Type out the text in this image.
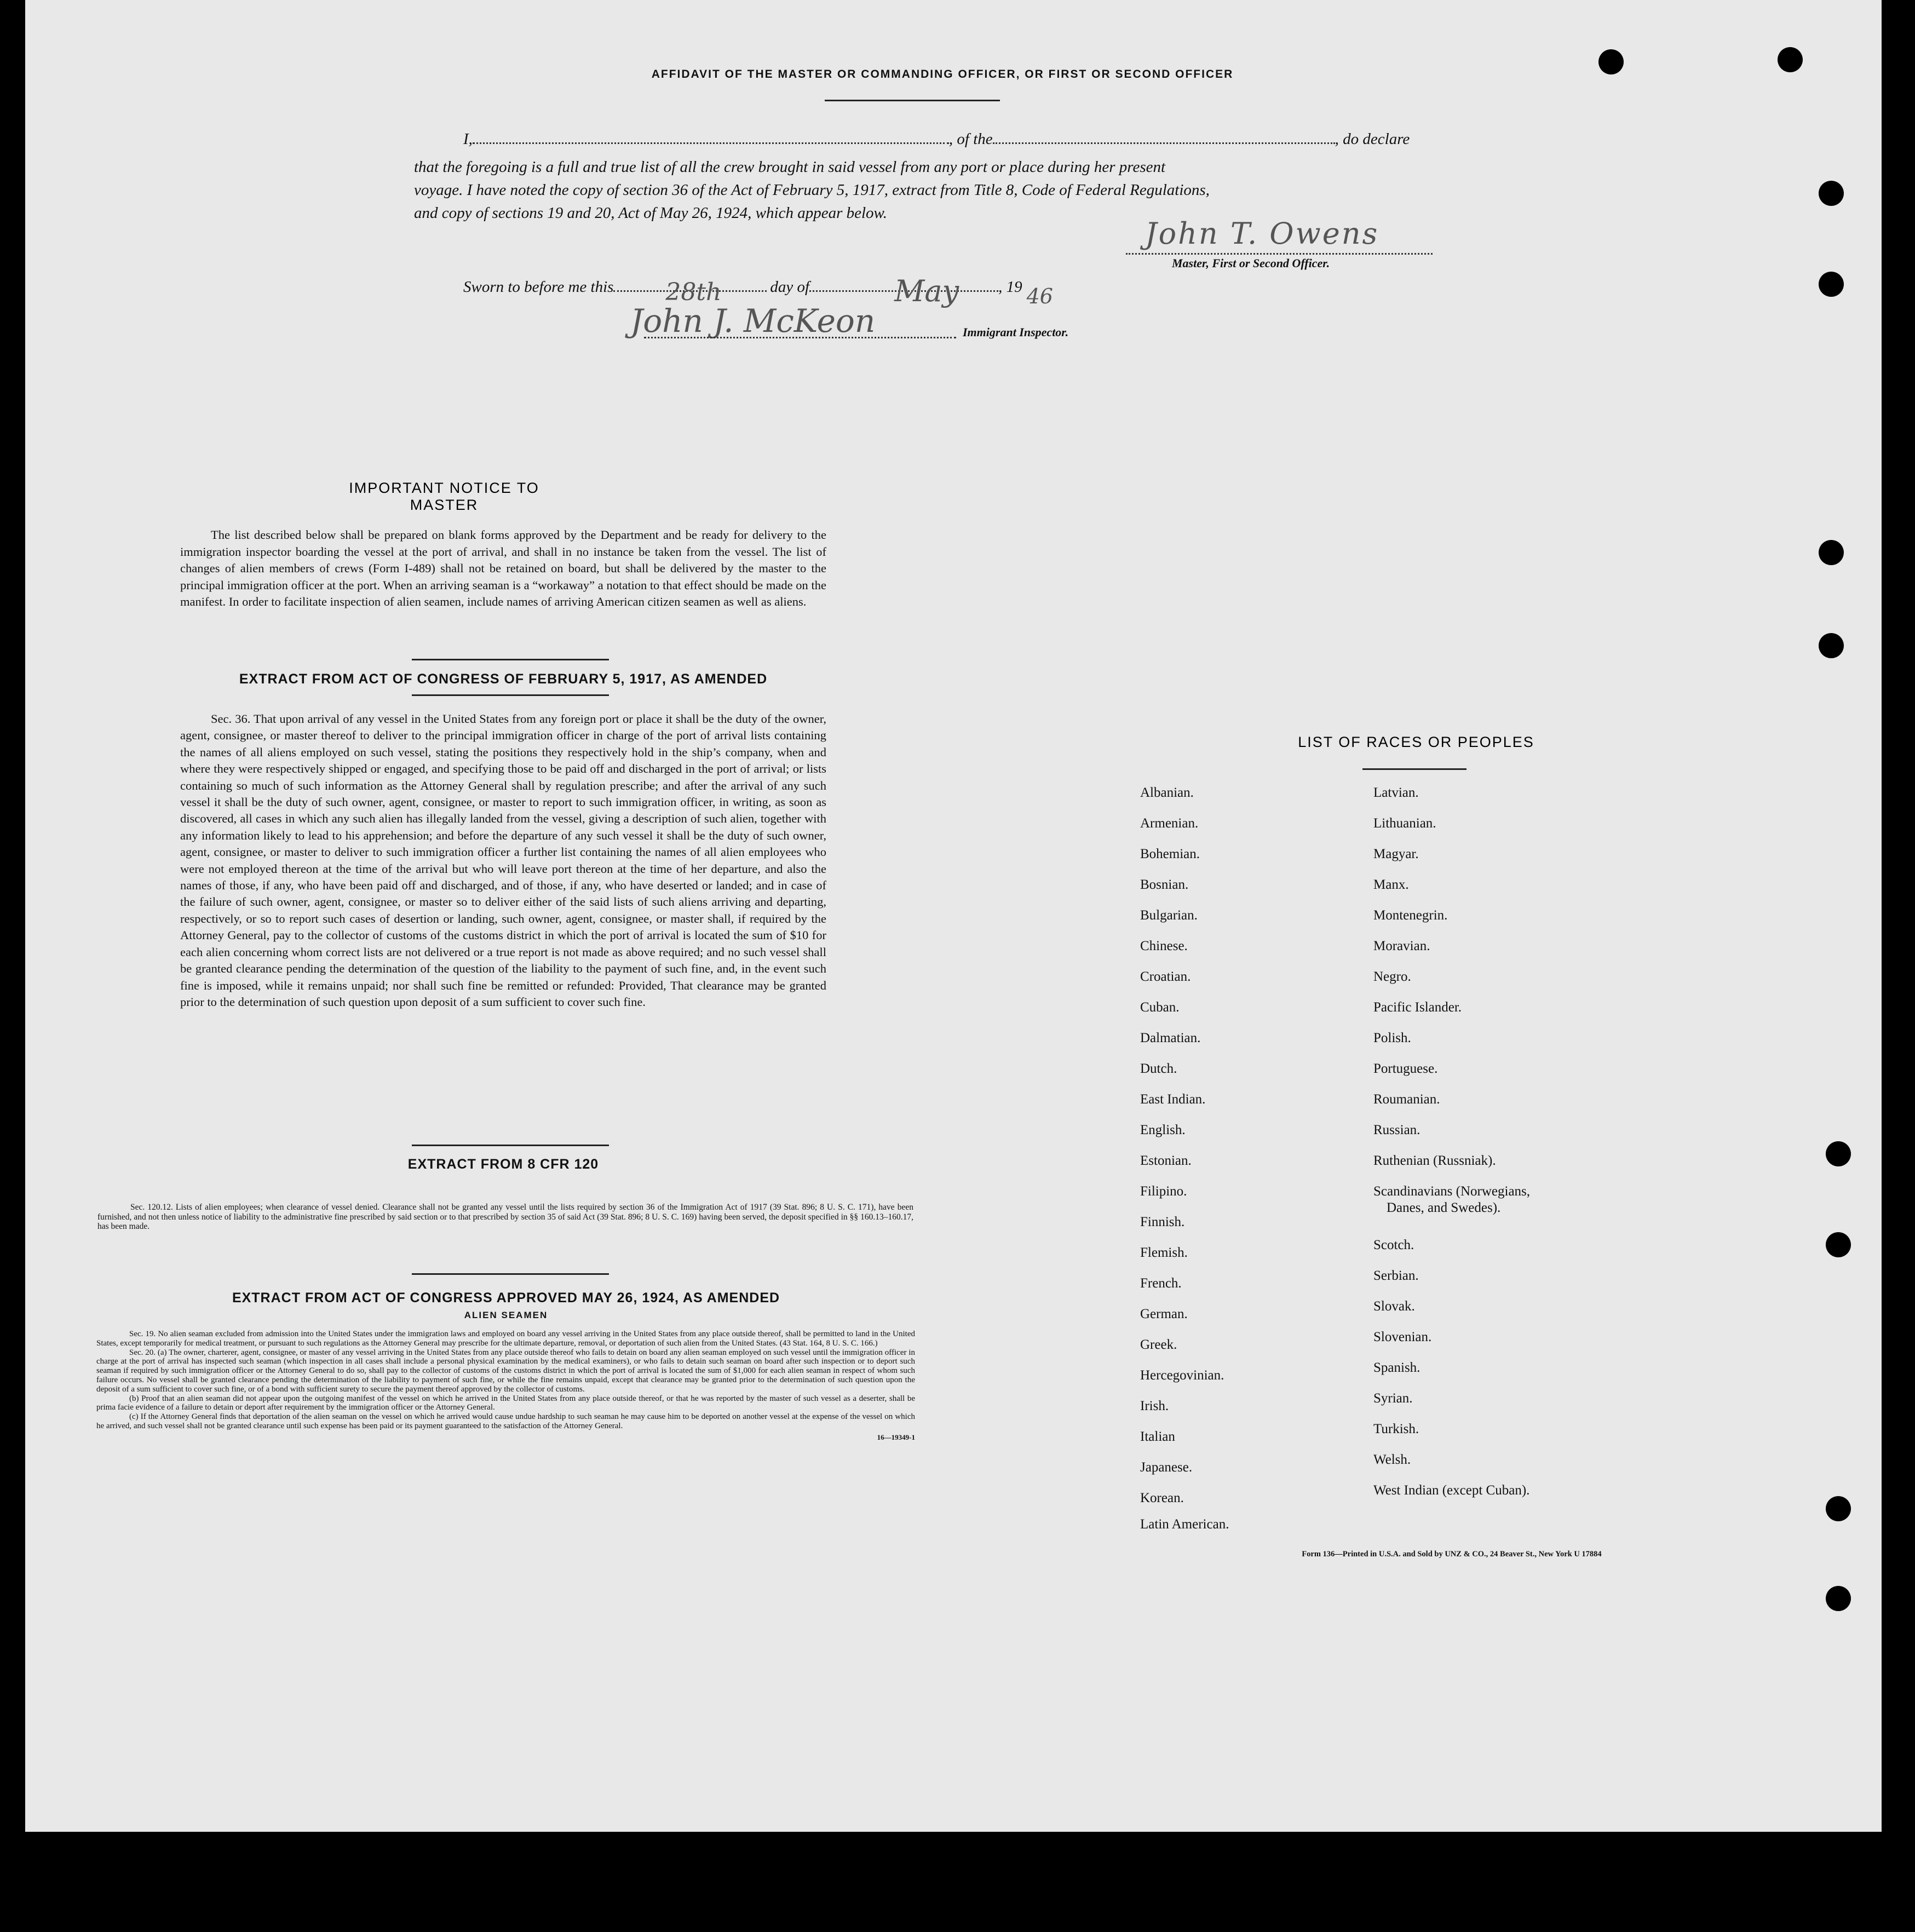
AFFIDAVIT OF THE MASTER OR COMMANDING OFFICER, OR FIRST OR SECOND OFFICER
I,	, of the	, do declare
that the foregoing is a full and true list of all the crew brought in said vessel from any port or place during her present
voyage. I have noted the copy of section 36 of the Act of February 5, 1917, extract from Title 8, Code of Federal Regulations,
and copy of sections 19 and 20, Act of May 26, 1924, which appear below.
John T. Owens
Master, First or Second Officer.
Sworn to before me this 28th	day of	May , 19 46
John J. McKeon	Immigrant Inspector.
IMPORTANT NOTICE TO MASTER
The list described below shall be prepared on blank forms approved by the Department and be ready for delivery to the immigration inspector boarding the vessel at the port of arrival, and shall in no instance be taken from the vessel. The list of changes of alien members of crews (Form I-489) shall not be retained on board, but shall be delivered by the master to the principal immigration officer at the port. When an arriving seaman is a “workaway” a notation to that effect should be made on the manifest. In order to facilitate inspection of alien seamen, include names of arriving American citizen seamen as well as aliens.
EXTRACT FROM ACT OF CONGRESS OF FEBRUARY 5, 1917, AS AMENDED
Sec. 36. That upon arrival of any vessel in the United States from any foreign port or place it shall be the duty of the owner, agent, consignee, or master thereof to deliver to the principal immigration officer in charge of the port of arrival lists containing the names of all aliens employed on such vessel, stating the positions they respectively hold in the ship’s company, when and where they were respectively shipped or engaged, and specifying those to be paid off and discharged in the port of arrival; or lists containing so much of such information as the Attorney General shall by regulation prescribe; and after the arrival of any such vessel it shall be the duty of such owner, agent, consignee, or master to report to such immigration officer, in writing, as soon as discovered, all cases in which any such alien has illegally landed from the vessel, giving a description of such alien, together with any information likely to lead to his apprehension; and before the departure of any such vessel it shall be the duty of such owner, agent, consignee, or master to deliver to such immigration officer a further list containing the names of all alien employees who were not employed thereon at the time of the arrival but who will leave port thereon at the time of her departure, and also the names of those, if any, who have been paid off and discharged, and of those, if any, who have deserted or landed; and in case of the failure of such owner, agent, consignee, or master so to deliver either of the said lists of such aliens arriving and departing, respectively, or so to report such cases of desertion or landing, such owner, agent, consignee, or master shall, if required by the Attorney General, pay to the collector of customs of the customs district in which the port of arrival is located the sum of $10 for each alien concerning whom correct lists are not delivered or a true report is not made as above required; and no such vessel shall be granted clearance pending the determination of the question of the liability to the payment of such fine, and, in the event such fine is imposed, while it remains unpaid; nor shall such fine be remitted or refunded: Provided, That clearance may be granted prior to the determination of such question upon deposit of a sum sufficient to cover such fine.
EXTRACT FROM 8 CFR 120
Sec. 120.12. Lists of alien employees; when clearance of vessel denied. Clearance shall not be granted any vessel until the lists required by section 36 of the Immigration Act of 1917 (39 Stat. 896; 8 U. S. C. 171), have been furnished, and not then unless notice of liability to the administrative fine prescribed by said section or to that prescribed by section 35 of said Act (39 Stat. 896; 8 U. S. C. 169) having been served, the deposit specified in §§ 160.13–160.17, has been made.
EXTRACT FROM ACT OF CONGRESS APPROVED MAY 26, 1924, AS AMENDED
ALIEN SEAMEN
Sec. 19. No alien seaman excluded from admission into the United States under the immigration laws and employed on board any vessel arriving in the United States from any place outside thereof, shall be permitted to land in the United States, except temporarily for medical treatment, or pursuant to such regulations as the Attorney General may prescribe for the ultimate departure, removal, or deportation of such alien from the United States. (43 Stat. 164, 8 U. S. C. 166.)
Sec. 20. (a) The owner, charterer, agent, consignee, or master of any vessel arriving in the United States from any place outside thereof who fails to detain on board any alien seaman employed on such vessel until the immigration officer in charge at the port of arrival has inspected such seaman (which inspection in all cases shall include a personal physical examination by the medical examiners), or who fails to detain such seaman on board after such inspection or to deport such seaman if required by such immigration officer or the Attorney General to do so, shall pay to the collector of customs of the customs district in which the port of arrival is located the sum of $1,000 for each alien seaman in respect of whom such failure occurs. No vessel shall be granted clearance pending the determination of the liability to payment of such fine, or while the fine remains unpaid, except that clearance may be granted prior to the determination of such question upon the deposit of a sum sufficient to cover such fine, or of a bond with sufficient surety to secure the payment thereof approved by the collector of customs.
(b) Proof that an alien seaman did not appear upon the outgoing manifest of the vessel on which he arrived in the United States from any place outside thereof, or that he was reported by the master of such vessel as a deserter, shall be prima facie evidence of a failure to detain or deport after requirement by the immigration officer or the Attorney General.
(c) If the Attorney General finds that deportation of the alien seaman on the vessel on which he arrived would cause undue hardship to such seaman he may cause him to be deported on another vessel at the expense of the vessel on which he arrived, and such vessel shall not be granted clearance until such expense has been paid or its payment guaranteed to the satisfaction of the Attorney General.
16—19349-1
LIST OF RACES OR PEOPLES
Albanian.
Armenian.
Bohemian.
Bosnian.
Bulgarian.
Chinese.
Croatian.
Cuban.
Dalmatian.
Dutch.
East Indian.
English.
Estonian.
Filipino.
Finnish.
Flemish.
French.
German.
Greek.
Hercegovinian.
Irish.
Italian
Japanese.
Korean.
Latin American.
Latvian.
Lithuanian.
Magyar.
Manx.
Montenegrin.
Moravian.
Negro.
Pacific Islander.
Polish.
Portuguese.
Roumanian.
Russian.
Ruthenian (Russniak).
Scandinavians (Norwegians,
Danes, and Swedes).
Scotch.
Serbian.
Slovak.
Slovenian.
Spanish.
Syrian.
Turkish.
Welsh.
West Indian (except Cuban).
Form 136—Printed in U.S.A. and Sold by UNZ & CO., 24 Beaver St., New York U 17884
